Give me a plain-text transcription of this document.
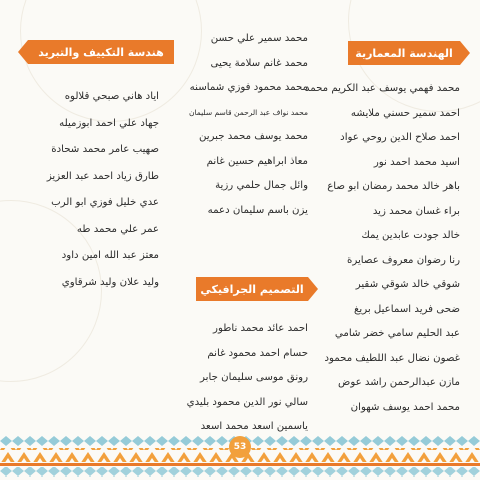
الهندسة المعمارية
محمد فهمي يوسف عبد الكريم محمد
احمد سمير حسني ملايشه
احمد صلاح الدين روحي عواد
اسيد محمد احمد نور
باهر خالد محمد رمضان ابو صاع
براء غسان محمد زيد
خالد جودت عابدين يمك
رنا رضوان معروف عصايرة
شوقي خالد شوقي شقير
ضحى فريد اسماعيل بريغ
عبد الحليم سامي خضر شامي
غصون نضال عبد اللطيف محمود
مازن عبدالرحمن راشد عوض
محمد احمد يوسف شهوان
محمد سمير علي حسن
محمد غانم سلامة يحيى
محمد محمود فوزي شماسنه
محمد نواف عبد الرحمن قاسم سليمان
محمد يوسف محمد جبرين
معاذ ابراهيم حسين غانم
وائل جمال حلمي رزية
يزن باسم سليمان دعمه
هندسة التكييف والتبريد
اياد هاني صبحي قلالوه
جهاد علي احمد ابوزميله
صهيب عامر محمد شحادة
طارق زياد احمد عبد العزيز
عدي خليل فوزي ابو الرب
عمر علي محمد طه
معتز عبد الله امين داود
وليد علان وليد شرقاوي
التصميم الجرافيكي
احمد عائد محمد ناطور
حسام احمد محمود غانم
رونق موسى سليمان جابر
سالي نور الدين محمود بليدي
ياسمين اسعد محمد اسعد
53
